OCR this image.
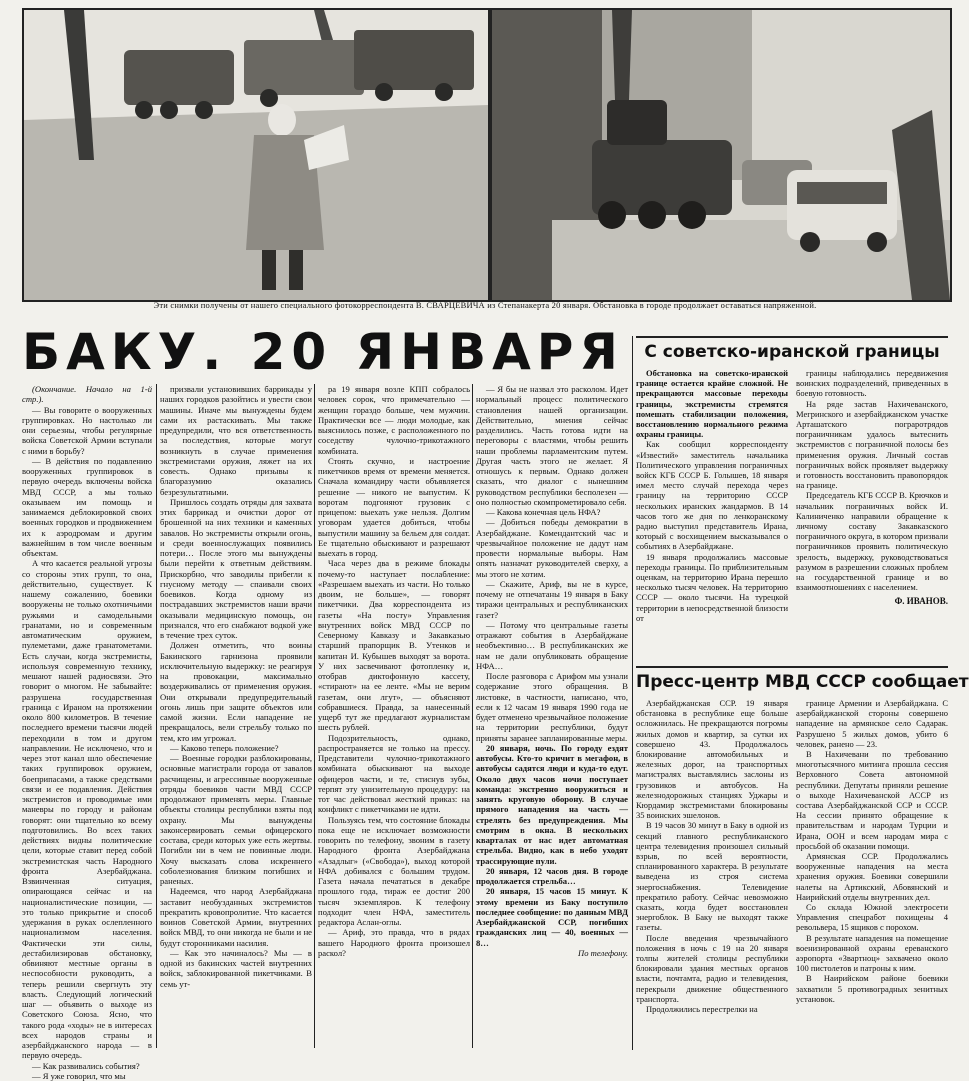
Эти снимки получены от нашего специального фотокорреспондента В. СВАРЦЕВИЧА из Степанакерта 20 января. Обстановка в городе продолжает оставаться напряженной.
БАКУ. 20 ЯНВАРЯ

(Окончание. Начало на 1-й стр.).

— Вы говорите о вооруженных группировках. Но настолько ли они серьезны, чтобы регулярные войска Советской Армии вступали с ними в борьбу?

— В действия по подавлению вооруженных группировок в первую очередь включены войска МВД СССР, а мы только оказываем им помощь и занимаемся деблокировкой своих военных городков и продвижением их к аэродромам и другим важнейшим в том числе военным объектам.

А что касается реальной угрозы со стороны этих групп, то она, действительно, существует. К нашему сожалению, боевики вооружены не только охотничьими ружьями и самодельными гранатами, но и современным автоматическим оружием, пулеметами, даже гранатометами. Есть случаи, когда экстремисты, используя современную технику, мешают нашей радиосвязи. Это говорит о многом. Не забывайте: разрушена государственная граница с Ираном на протяжении около 800 километров. В течение последнего времени тысячи людей переходили в том и другом направлении. Не исключено, что и через этот канал шло обеспечение таких группировок оружием, боеприпасами, а также средствами связи и ее подавления. Действия экстремистов и проводимые ими маневры по городу и районам говорят: они тщательно ко всему подготовились. Во всех таких действиях видны политические цели, которые ставит перед собой экстремистская часть Народного фронта Азербайджана. Взвинченная ситуация, опирающаяся сейчас и на националистические позиции, — это только прикрытие и способ удержания в руках ослепленного национализмом населения. Фактически эти силы, дестабилизировав обстановку, обвиняют местные органы в неспособности руководить, а теперь решили свергнуть эту власть. Следующий логический шаг — объявить о выходе из Советского Союза. Ясно, что такого рода «ходы» не в интересах всех народов страны и азербайджанского народа — в первую очередь.

— Как развивались события?

— Я уже говорил, что мы

призвали установивших баррикады у наших городков разойтись и увести свои машины. Иначе мы вынуждены будем сами их растаскивать. Мы также предупредили, что вся ответственность за последствия, которые могут возникнуть в случае применения экстремистами оружия, ляжет на их совесть. Однако призывы к благоразумию оказались безрезультатными.

Пришлось создать отряды для захвата этих баррикад и очистки дорог от брошенной на них техники и каменных завалов. Но экстремисты открыли огонь, и среди военнослужащих появились потери… После этого мы вынуждены были перейти к ответным действиям. Прискорбно, что заводилы прибегли к гнусному методу — спаивали своих боевиков. Когда одному из пострадавших экстремистов наши врачи оказывали медицинскую помощь, он признался, что его снабжают водкой уже в течение трех суток.

Должен отметить, что воины Бакинского гарнизона проявили исключительную выдержку: не реагируя на провокации, максимально воздерживались от применения оружия. Они открывали предупредительный огонь лишь при защите объектов или самой жизни. Если нападение не прекращалось, вели стрельбу только по тем, кто им угрожал.

— Каково теперь положение?

— Военные городки разблокированы, основные магистрали города от завалов расчищены, и агрессивные вооруженные отряды боевиков части МВД СССР продолжают применять меры. Главные объекты столицы республики взяты под охрану. Мы вынуждены законсервировать семьи офицерского состава, среди которых уже есть жертвы. Погибли ни в чем не повинные люди. Хочу высказать слова искреннего соболезнования близким погибших и раненых.

Надеемся, что народ Азербайджана заставит необузданных экстремистов прекратить кровопролитие. Что касается воинов Советской Армии, внутренних войск МВД, то они никогда не были и не будут сторонниками насилия.

— Как это начиналось? Мы — в одной из бакинских частей внутренних войск, заблокированной пикетчиками. В семь ут-

ра 19 января возле КПП собралось человек сорок, что примечательно — женщин гораздо больше, чем мужчин. Практически все — люди молодые, как выяснилось позже, с расположенного по соседству чулочно-трикотажного комбината.

Стоять скучно, и настроение пикетчиков время от времени меняется. Сначала командиру части объявляется решение — никого не выпустим. К воротам подгоняют грузовик с прицепом: выехать уже нельзя. Долгим уговорам удается добиться, чтобы выпустили машину за бельем для солдат. Ее тщательно обыскивают и разрешают выехать в город.

Часа через два в режиме блокады почему-то наступает послабление: «Разрешаем выехать из части. Но только двоим, не больше», — говорят пикетчики. Два корреспондента из газеты «На посту» Управления внутренних войск МВД СССР по Северному Кавказу и Закавказью старший прапорщик В. Утенков и капитан И. Кубышев выходят за ворота. У них засвечивают фотопленку и, отобрав диктофонную кассету, «стирают» на ее ленте. «Мы не верим газетам, они лгут», — объясняют собравшиеся. Правда, за нанесенный ущерб тут же предлагают журналистам шесть рублей.

Подозрительность, однако, распространяется не только на прессу. Представители чулочно-трикотажного комбината обыскивают на выходе офицеров части, и те, стиснув зубы, терпят эту унизительную процедуру: на тот час действовал жесткий приказ: на конфликт с пикетчиками не идти.

Пользуясь тем, что состояние блокады пока еще не исключает возможности говорить по телефону, звоним в газету Народного фронта Азербайджана «Азадлыг» («Свобода»), выход которой НФА добивался с большим трудом. Газета начала печататься в декабре прошлого года, тираж ее достиг 200 тысяч экземпляров. К телефону подходит член НФА, заместитель редактора Аслан-оглы.

— Ариф, это правда, что в рядах вашего Народного фронта произошел раскол?

— Я бы не назвал это расколом. Идет нормальный процесс политического становления нашей организации. Действительно, мнения сейчас разделились. Часть готова идти на переговоры с властями, чтобы решить наши проблемы парламентским путем. Другая часть этого не желает. Я отношусь к первым. Однако должен сказать, что диалог с нынешним руководством республики бесполезен — оно полностью скомпрометировало себя.

— Какова конечная цель НФА?

— Добиться победы демократии в Азербайджане. Комендантский час и чрезвычайное положение не дадут нам провести нормальные выборы. Нам опять назначат руководителей сверху, а мы этого не хотим.

— Скажите, Ариф, вы не в курсе, почему не отпечатаны 19 января в Баку тиражи центральных и республиканских газет?

— Потому что центральные газеты отражают события в Азербайджане необъективно… В республиканских же нам не дали опубликовать обращение НФА…

После разговора с Арифом мы узнали содержание этого обращения. В листовке, в частности, написано, что, если к 12 часам 19 января 1990 года не будет отменено чрезвычайное положение на территории республики, будут приняты заранее запланированные меры.

20 января, ночь. По городу ездят автобусы. Кто-то кричит в мегафон, в автобусы садятся люди и куда-то едут. Около двух часов ночи поступает команда: экстренно вооружиться и занять круговую оборону. В случае прямого нападения на часть — стрелять без предупреждения. Мы смотрим в окна. В нескольких кварталах от нас идет автоматная стрельба. Видно, как в небо уходят трассирующие пули.

20 января, 12 часов дня. В городе продолжается стрельба…

20 января, 15 часов 15 минут. К этому времени из Баку поступило последнее сообщение: по данным МВД Азербайджанской ССР, погибших гражданских лиц — 40, военных — 8…

По телефону.

С советско-иранской границы

Обстановка на советско-иранской границе остается крайне сложной. Не прекращаются массовые переходы границы, экстремисты стремятся помешать стабилизации положения, восстановлению нормального режима охраны границы.

Как сообщил корреспонденту «Известий» заместитель начальника Политического управления пограничных войск КГБ СССР Б. Голышев, 18 января имел место случай перехода через границу на территорию СССР нескольких иранских жандармов. В 14 часов того же дня по ленкоранскому радио выступил представитель Ирана, который с восхищением высказывался о событиях в Азербайджане.

19 января продолжались массовые переходы границы. По приблизительным оценкам, на территорию Ирана перешло несколько тысяч человек. На территорию СССР — около тысячи. На турецкой территории в непосредственной близости от

границы наблюдались передвижения воинских подразделений, приведенных в боевую готовность.

На ряде застав Нахичеванского, Мегринского и азербайджанском участке Арташатского пограротрядов пограничникам удалось вытеснить экстремистов с пограничной полосы без применения оружия. Личный состав пограничных войск проявляет выдержку и готовность восстановить правопорядок на границе.

Председатель КГБ СССР В. Крючков и начальник пограничных войск И. Калиниченко направили обращение к личному составу Закавказского пограничного округа, в котором призвали пограничников проявить политическую зрелость, выдержку, руководствоваться разумом в разрешении сложных проблем на государственной границе и во взаимоотношениях с населением.

Ф. ИВАНОВ.
Пресс-центр МВД СССР сообщает

Азербайджанская ССР. 19 января обстановка в республике еще больше осложнилась. Не прекращаются погромы жилых домов и квартир, за сутки их совершено 43. Продолжалось блокирование автомобильных и железных дорог, на транспортных магистралях выставлялись заслоны из грузовиков и автобусов. На железнодорожных станциях Уджары и Кюрдамир экстремистами блокированы 35 воинских эшелонов.

В 19 часов 30 минут в Баку в одной из секций главного республиканского центра телевидения произошел сильный взрыв, по всей вероятности, спланированного характера. В результате выведена из строя система энергоснабжения. Телевидение прекратило работу. Сейчас невозможно сказать, когда будет восстановлен энергоблок. В Баку не выходят также газеты.

После введения чрезвычайного положения в ночь с 19 на 20 января толпы жителей столицы республики блокировали здания местных органов власти, почтамта, радио и телевидения, перекрыли движение общественного транспорта.

Продолжились перестрелки на

границе Армении и Азербайджана. С азербайджанской стороны совершено нападение на армянское село Садарак. Разрушено 5 жилых домов, убито 6 человек, ранено — 23.

В Нахичевани по требованию многотысячного митинга прошла сессия Верховного Совета автономной республики. Депутаты приняли решение о выходе Нахичеванской АССР из состава Азербайджанской ССР и СССР. На сессии принято обращение к правительствам и народам Турции и Ирана, ООН и всем народам мира с просьбой об оказании помощи.

Армянская ССР. Продолжались вооруженные нападения на места хранения оружия. Боевики совершили налеты на Артикский, Абовянский и Наирийский отделы внутренних дел.

Со склада Южной электросети Управления спецработ похищены 4 револьвера, 15 ящиков с порохом.

В результате нападения на помещение военизированной охраны ереванского аэропорта «Звартноц» захвачено около 100 пистолетов и патроны к ним.

В Наирийском районе боевики захватили 5 противоградных зенитных установок.
